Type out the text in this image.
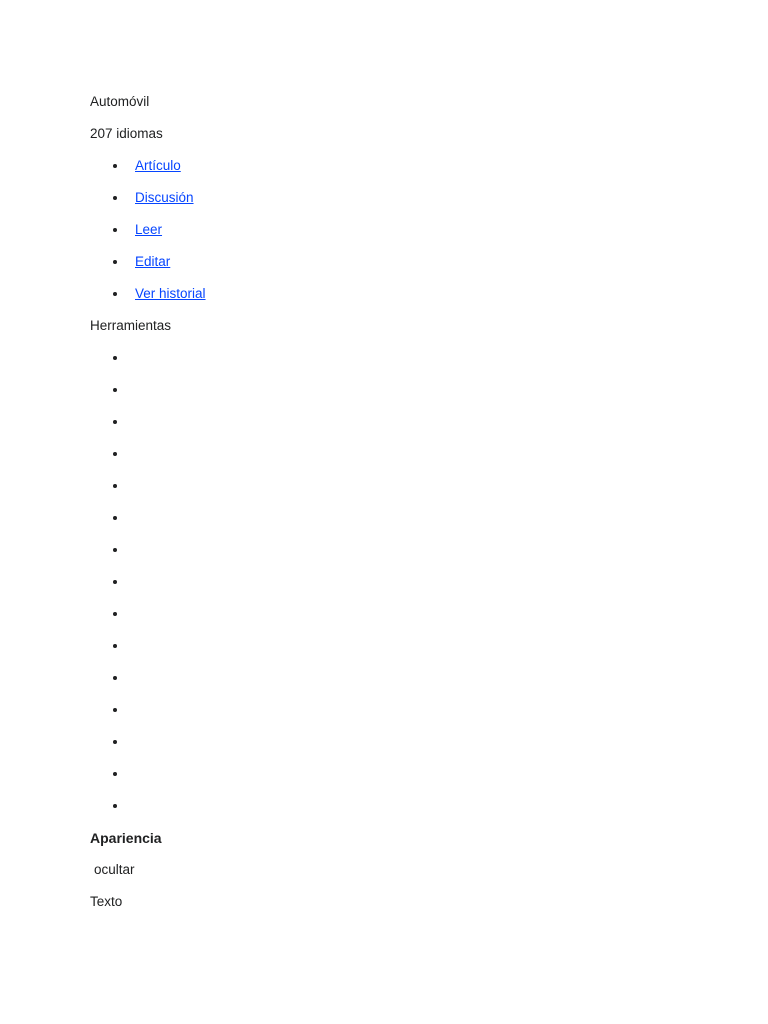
Automóvil
207 idiomas
Artículo
Discusión
Leer
Editar
Ver historial
Herramientas
Apariencia
ocultar
Texto
